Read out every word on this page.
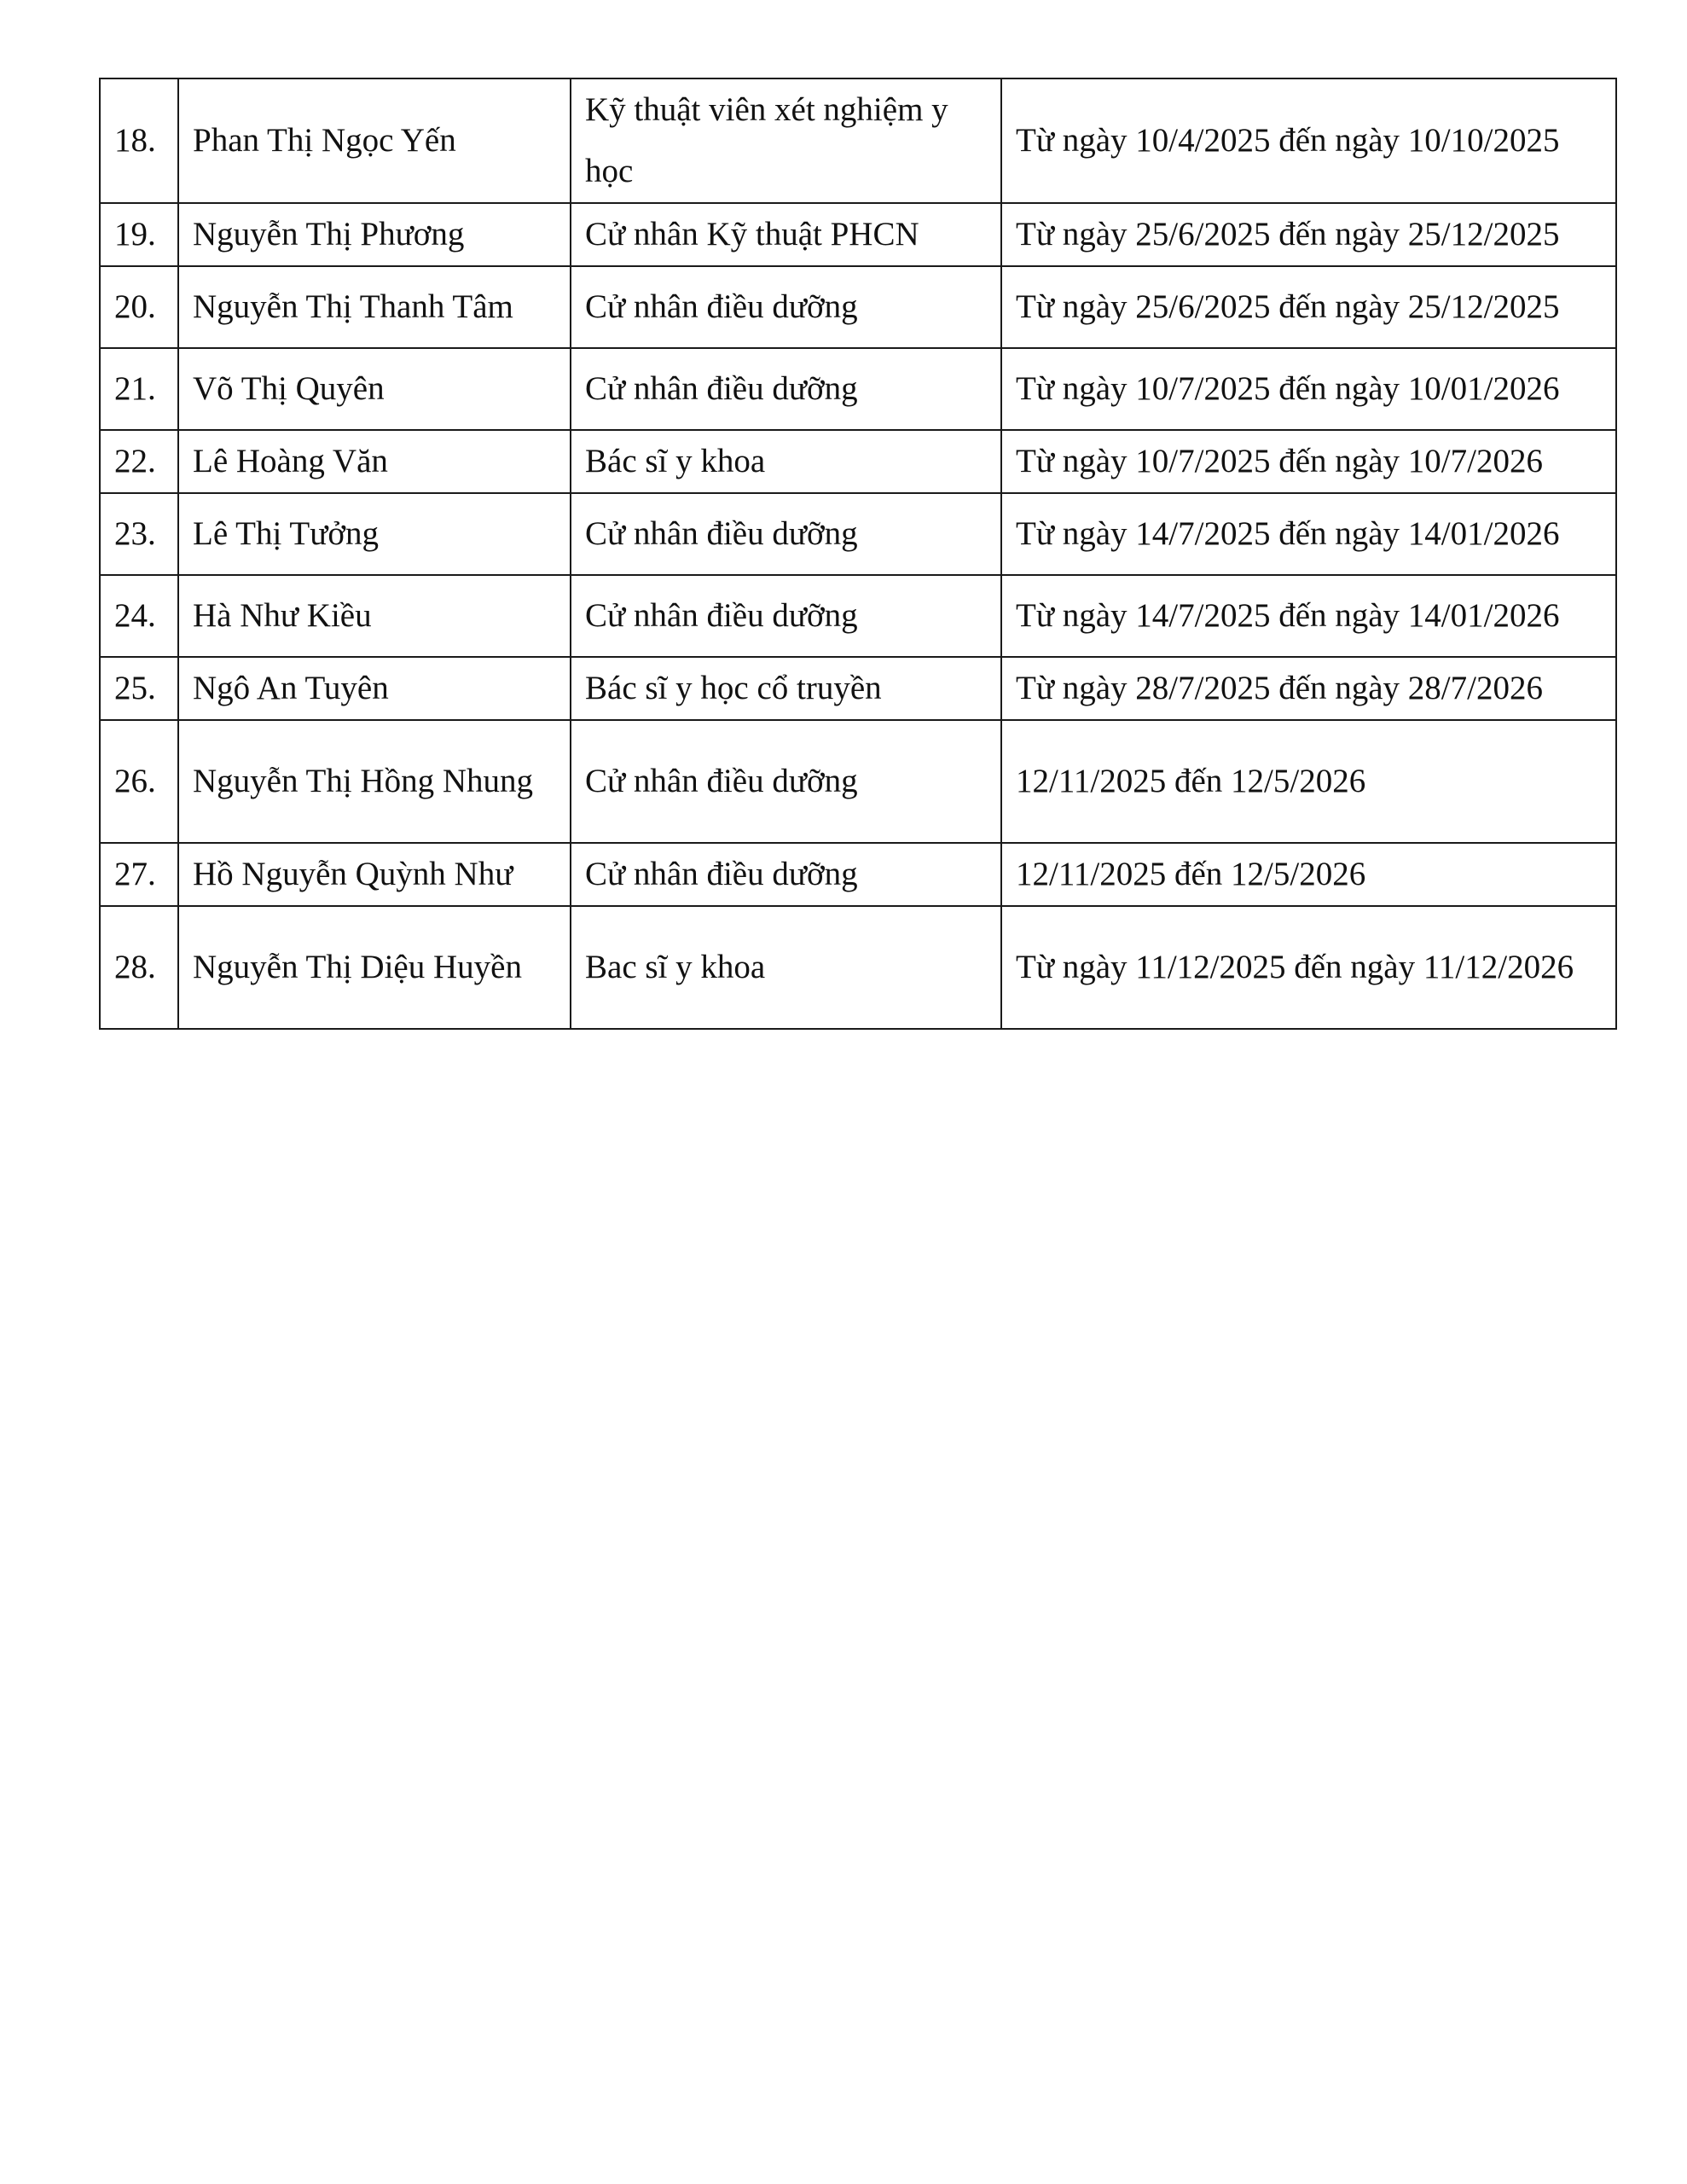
18.	Phan Thị Ngọc Yến	Kỹ thuật viên xét nghiệm y học	Từ ngày 10/4/2025 đến ngày 10/10/2025
19.	Nguyễn Thị Phương	Cử nhân Kỹ thuật PHCN	Từ ngày 25/6/2025 đến ngày 25/12/2025
20.	Nguyễn Thị Thanh Tâm	Cử nhân điều dưỡng	Từ ngày 25/6/2025 đến ngày 25/12/2025
21.	Võ Thị Quyên	Cử nhân điều dưỡng	Từ ngày 10/7/2025 đến ngày 10/01/2026
22.	Lê Hoàng Văn	Bác sĩ y khoa	Từ ngày 10/7/2025 đến ngày 10/7/2026
23.	Lê Thị Tưởng	Cử nhân điều dưỡng	Từ ngày 14/7/2025 đến ngày 14/01/2026
24.	Hà Như Kiều	Cử nhân điều dưỡng	Từ ngày 14/7/2025 đến ngày 14/01/2026
25.	Ngô An Tuyên	Bác sĩ y học cổ truyền	Từ ngày 28/7/2025 đến ngày 28/7/2026
26.	Nguyễn Thị Hồng Nhung	Cử nhân điều dưỡng	12/11/2025 đến 12/5/2026
27.	Hồ Nguyễn Quỳnh Như	Cử nhân điều dưỡng	12/11/2025 đến 12/5/2026
28.	Nguyễn Thị Diệu Huyền	Bac sĩ y khoa	Từ ngày 11/12/2025 đến ngày 11/12/2026
